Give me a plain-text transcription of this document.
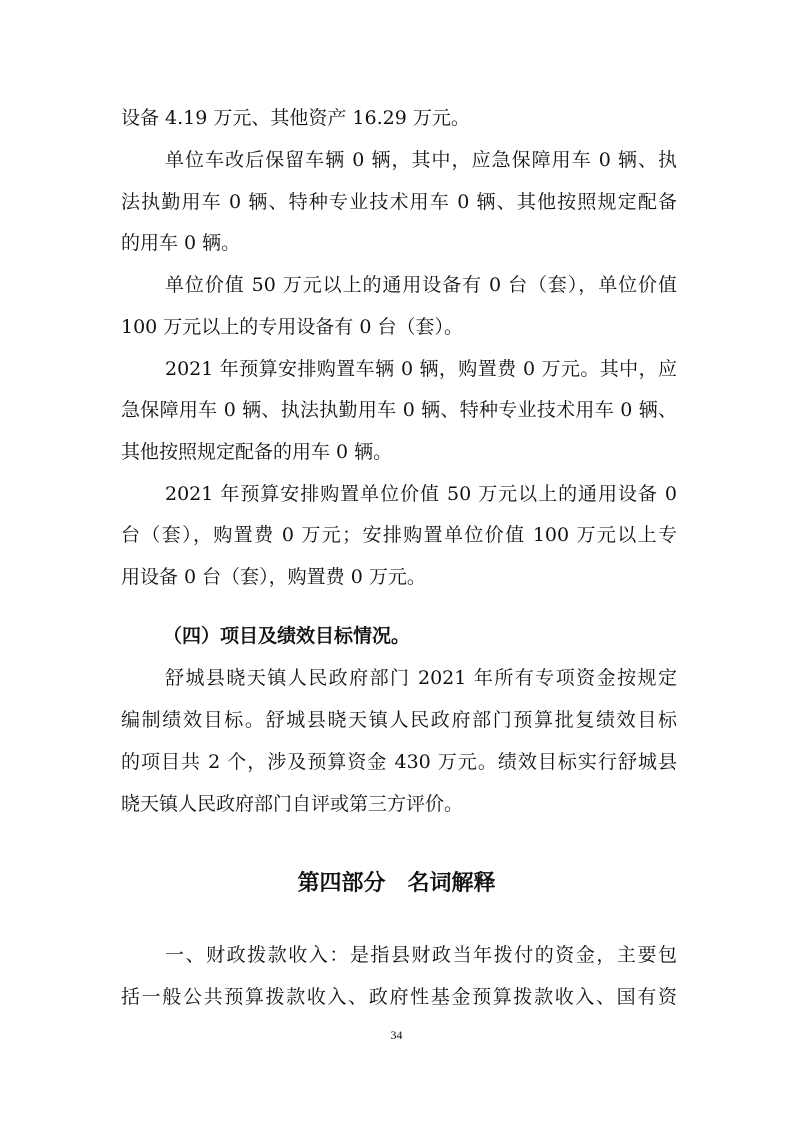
设备 4.19 万元、其他资产 16.29 万元。
单位车改后保留车辆 0 辆，其中，应急保障用车 0 辆、执
法执勤用车 0 辆、特种专业技术用车 0 辆、其他按照规定配备
的用车 0 辆。
单位价值 50 万元以上的通用设备有 0 台（套），单位价值
100 万元以上的专用设备有 0 台（套）。
2021 年预算安排购置车辆 0 辆，购置费 0 万元。其中，应
急保障用车 0 辆、执法执勤用车 0 辆、特种专业技术用车 0 辆、
其他按照规定配备的用车 0 辆。
2021 年预算安排购置单位价值 50 万元以上的通用设备 0
台（套），购置费 0 万元；安排购置单位价值 100 万元以上专
用设备 0 台（套），购置费 0 万元。
（四）项目及绩效目标情况。
舒城县晓天镇人民政府部门 2021 年所有专项资金按规定
编制绩效目标。舒城县晓天镇人民政府部门预算批复绩效目标
的项目共 2 个，涉及预算资金 430 万元。绩效目标实行舒城县
晓天镇人民政府部门自评或第三方评价。
第四部分　名词解释
一、财政拨款收入：是指县财政当年拨付的资金，主要包
括一般公共预算拨款收入、政府性基金预算拨款收入、国有资
34
